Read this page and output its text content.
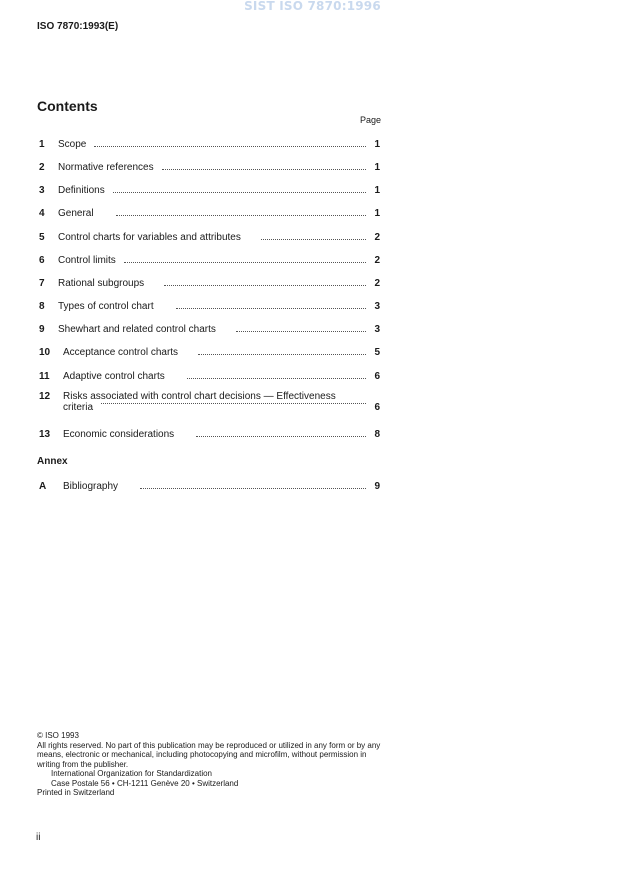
SIST ISO 7870:1996
ISO 7870:1993(E)
Contents
Page
1	Scope	1
2	Normative references	1
3	Definitions	1
4	General	1
5	Control charts for variables and attributes	2
6	Control limits	2
7	Rational subgroups	2
8	Types of control chart	3
9	Shewhart and related control charts	3
10	Acceptance control charts	5
11	Adaptive control charts	6
12	Risks associated with control chart decisions — Effectiveness
criteria	6
13	Economic considerations	8
Annex
A	Bibliography	9

© ISO 1993

All rights reserved. No part of this publication may be reproduced or utilized in any form or by any means, electronic or mechanical, including photocopying and microfilm, without permission in writing from the publisher.

International Organization for Standardization

Case Postale 56 • CH-1211 Genève 20 • Switzerland

Printed in Switzerland

ii
